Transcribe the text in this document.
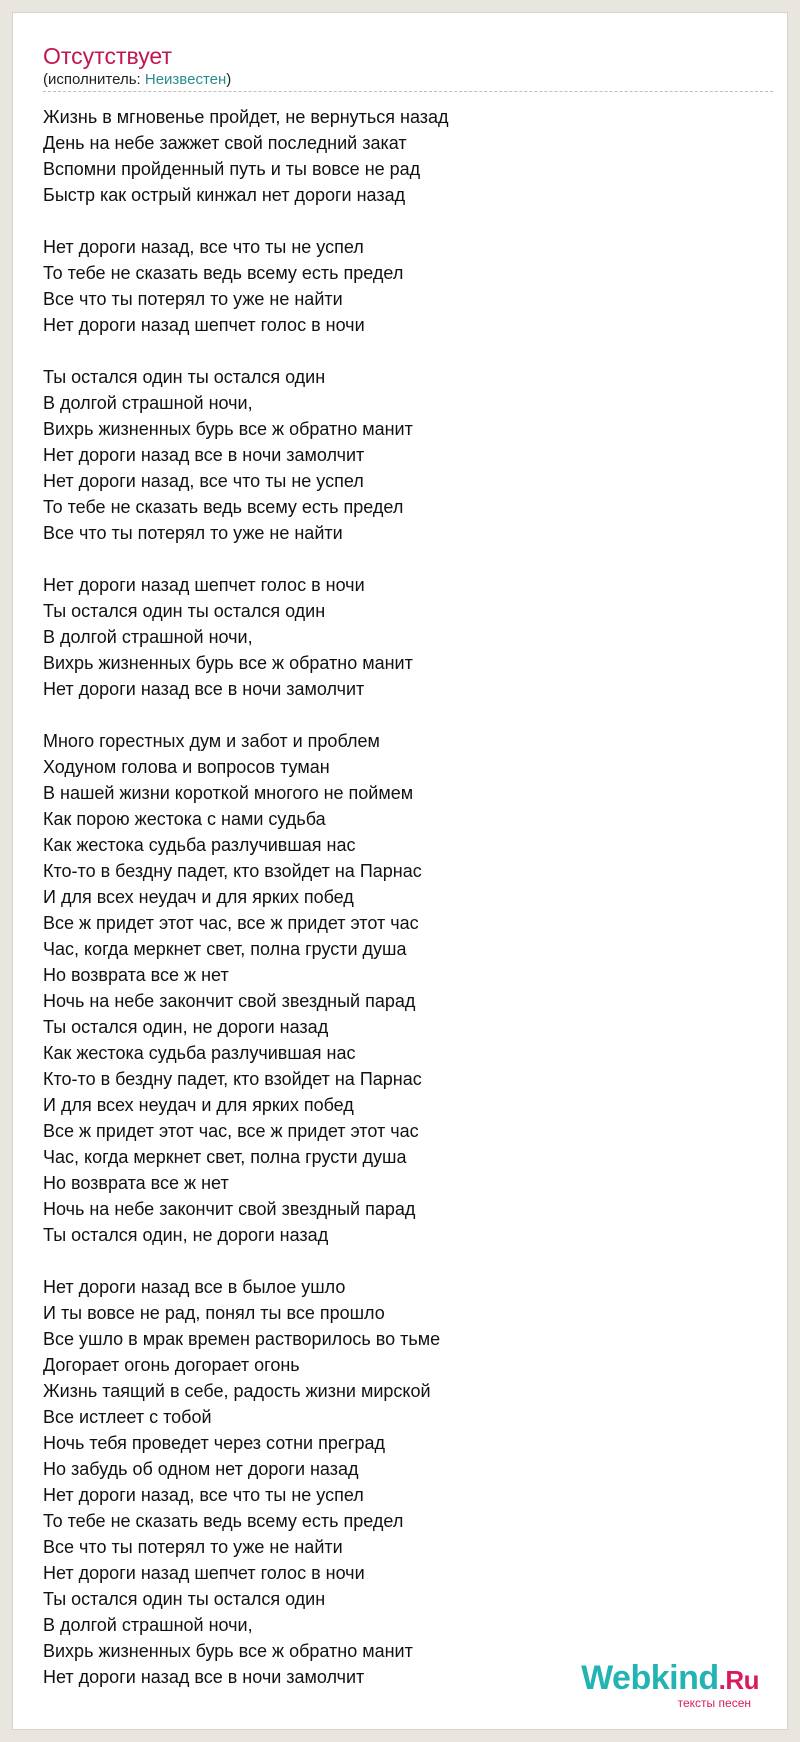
Отсутствует
(исполнитель: Неизвестен)
Жизнь в мгновенье пройдет, не вернуться назад
День на небе зажжет свой последний закат
Вспомни пройденный путь и ты вовсе не рад
Быстр как острый кинжал нет дороги назад
Нет дороги назад, все что ты не успел
То тебе не сказать ведь всему есть предел
Все что ты потерял то уже не найти
Нет дороги назад шепчет голос в ночи
Ты остался один ты остался один
В долгой страшной ночи,
Вихрь жизненных бурь все ж обратно манит
Нет дороги назад все в ночи замолчит
Нет дороги назад, все что ты не успел
То тебе не сказать ведь всему есть предел
Все что ты потерял то уже не найти
Нет дороги назад шепчет голос в ночи
Ты остался один ты остался один
В долгой страшной ночи,
Вихрь жизненных бурь все ж обратно манит
Нет дороги назад все в ночи замолчит
Много горестных дум и забот и проблем
Ходуном голова и вопросов туман
В нашей жизни короткой многого не поймем
Как порою жестока с нами судьба
Как жестока судьба разлучившая нас
Кто-то в бездну падет, кто взойдет на Парнас
И для всех неудач и для ярких побед
Все ж придет этот час, все ж придет этот час
Час, когда меркнет свет, полна грусти душа
Но возврата все ж нет
Ночь на небе закончит свой звездный парад
Ты остался один, не дороги назад
Как жестока судьба разлучившая нас
Кто-то в бездну падет, кто взойдет на Парнас
И для всех неудач и для ярких побед
Все ж придет этот час, все ж придет этот час
Час, когда меркнет свет, полна грусти душа
Но возврата все ж нет
Ночь на небе закончит свой звездный парад
Ты остался один, не дороги назад
Нет дороги назад все в былое ушло
И ты вовсе не рад, понял ты все прошло
Все ушло в мрак времен растворилось во тьме
Догорает огонь догорает огонь
Жизнь таящий в себе, радость жизни мирской
Все истлеет с тобой
Ночь тебя проведет через сотни преград
Но забудь об одном нет дороги назад
Нет дороги назад, все что ты не успел
То тебе не сказать ведь всему есть предел
Все что ты потерял то уже не найти
Нет дороги назад шепчет голос в ночи
Ты остался один ты остался один
В долгой страшной ночи,
Вихрь жизненных бурь все ж обратно манит
Нет дороги назад все в ночи замолчит	Webkind.Ru
тексты песен
